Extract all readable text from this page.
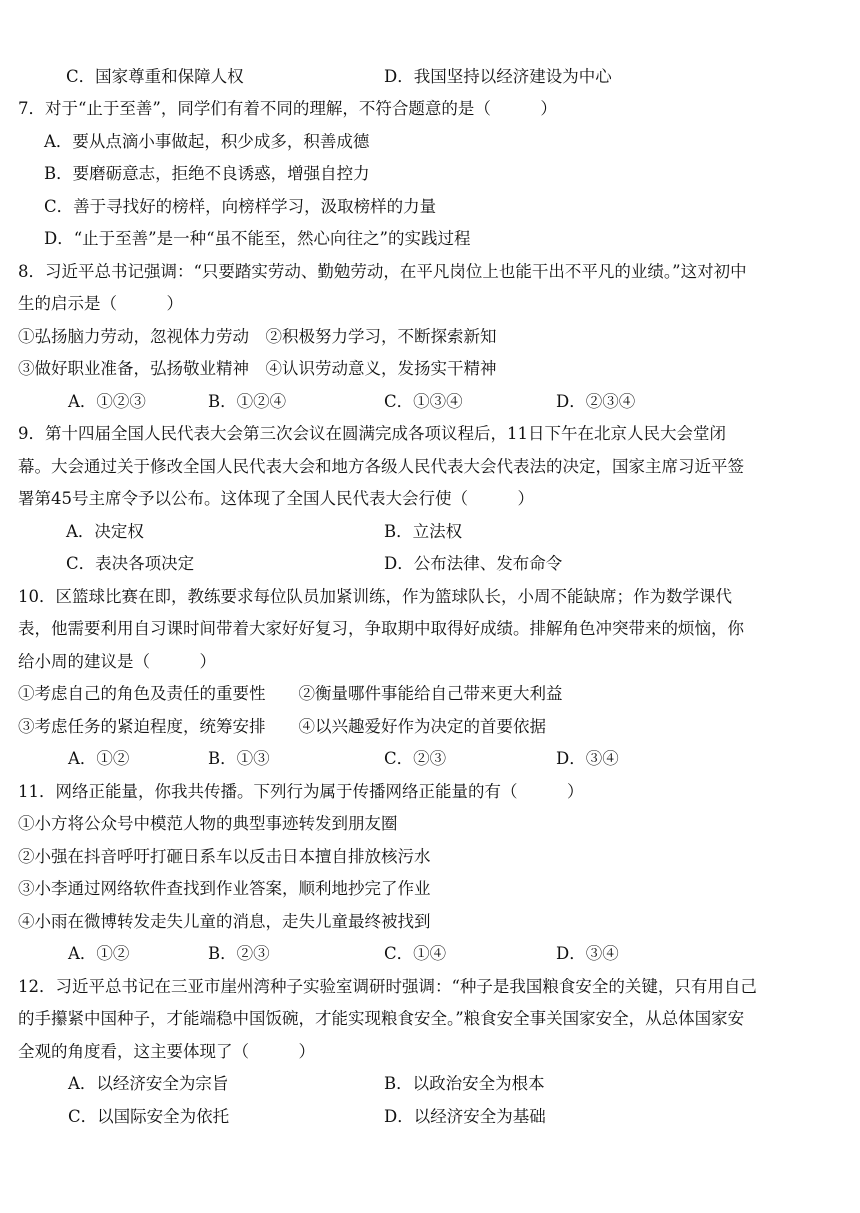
C．国家尊重和保障人权	D．我国坚持以经济建设为中心
7．对于“止于至善”，同学们有着不同的理解，不符合题意的是（　　　）
A．要从点滴小事做起，积少成多，积善成德
B．要磨砺意志，拒绝不良诱惑，增强自控力
C．善于寻找好的榜样，向榜样学习，汲取榜样的力量
D．“止于至善”是一种“虽不能至，然心向往之”的实践过程
8．习近平总书记强调：“只要踏实劳动、勤勉劳动，在平凡岗位上也能干出不平凡的业绩。”这对初中
生的启示是（　　　）
①弘扬脑力劳动，忽视体力劳动　②积极努力学习，不断探索新知
③做好职业准备，弘扬敬业精神　④认识劳动意义，发扬实干精神
A．①②③	B．①②④	C．①③④	D．②③④
9．第十四届全国人民代表大会第三次会议在圆满完成各项议程后，11日下午在北京人民大会堂闭
幕。大会通过关于修改全国人民代表大会和地方各级人民代表大会代表法的决定，国家主席习近平签
署第45号主席令予以公布。这体现了全国人民代表大会行使（　　　）
A．决定权	B．立法权
C．表决各项决定	D．公布法律、发布命令
10．区篮球比赛在即，教练要求每位队员加紧训练，作为篮球队长，小周不能缺席；作为数学课代
表，他需要利用自习课时间带着大家好好复习，争取期中取得好成绩。排解角色冲突带来的烦恼，你
给小周的建议是（　　　）
①考虑自己的角色及责任的重要性　　②衡量哪件事能给自己带来更大利益
③考虑任务的紧迫程度，统筹安排　　④以兴趣爱好作为决定的首要依据
A．①②	B．①③	C．②③	D．③④
11．网络正能量，你我共传播。下列行为属于传播网络正能量的有（　　　）
①小方将公众号中模范人物的典型事迹转发到朋友圈
②小强在抖音呼吁打砸日系车以反击日本擅自排放核污水
③小李通过网络软件查找到作业答案，顺利地抄完了作业
④小雨在微博转发走失儿童的消息，走失儿童最终被找到
A．①②	B．②③	C．①④	D．③④
12．习近平总书记在三亚市崖州湾种子实验室调研时强调：“种子是我国粮食安全的关键，只有用自己
的手攥紧中国种子，才能端稳中国饭碗，才能实现粮食安全。”粮食安全事关国家安全，从总体国家安
全观的角度看，这主要体现了（　　　）
A．以经济安全为宗旨	B．以政治安全为根本
C．以国际安全为依托	D．以经济安全为基础
